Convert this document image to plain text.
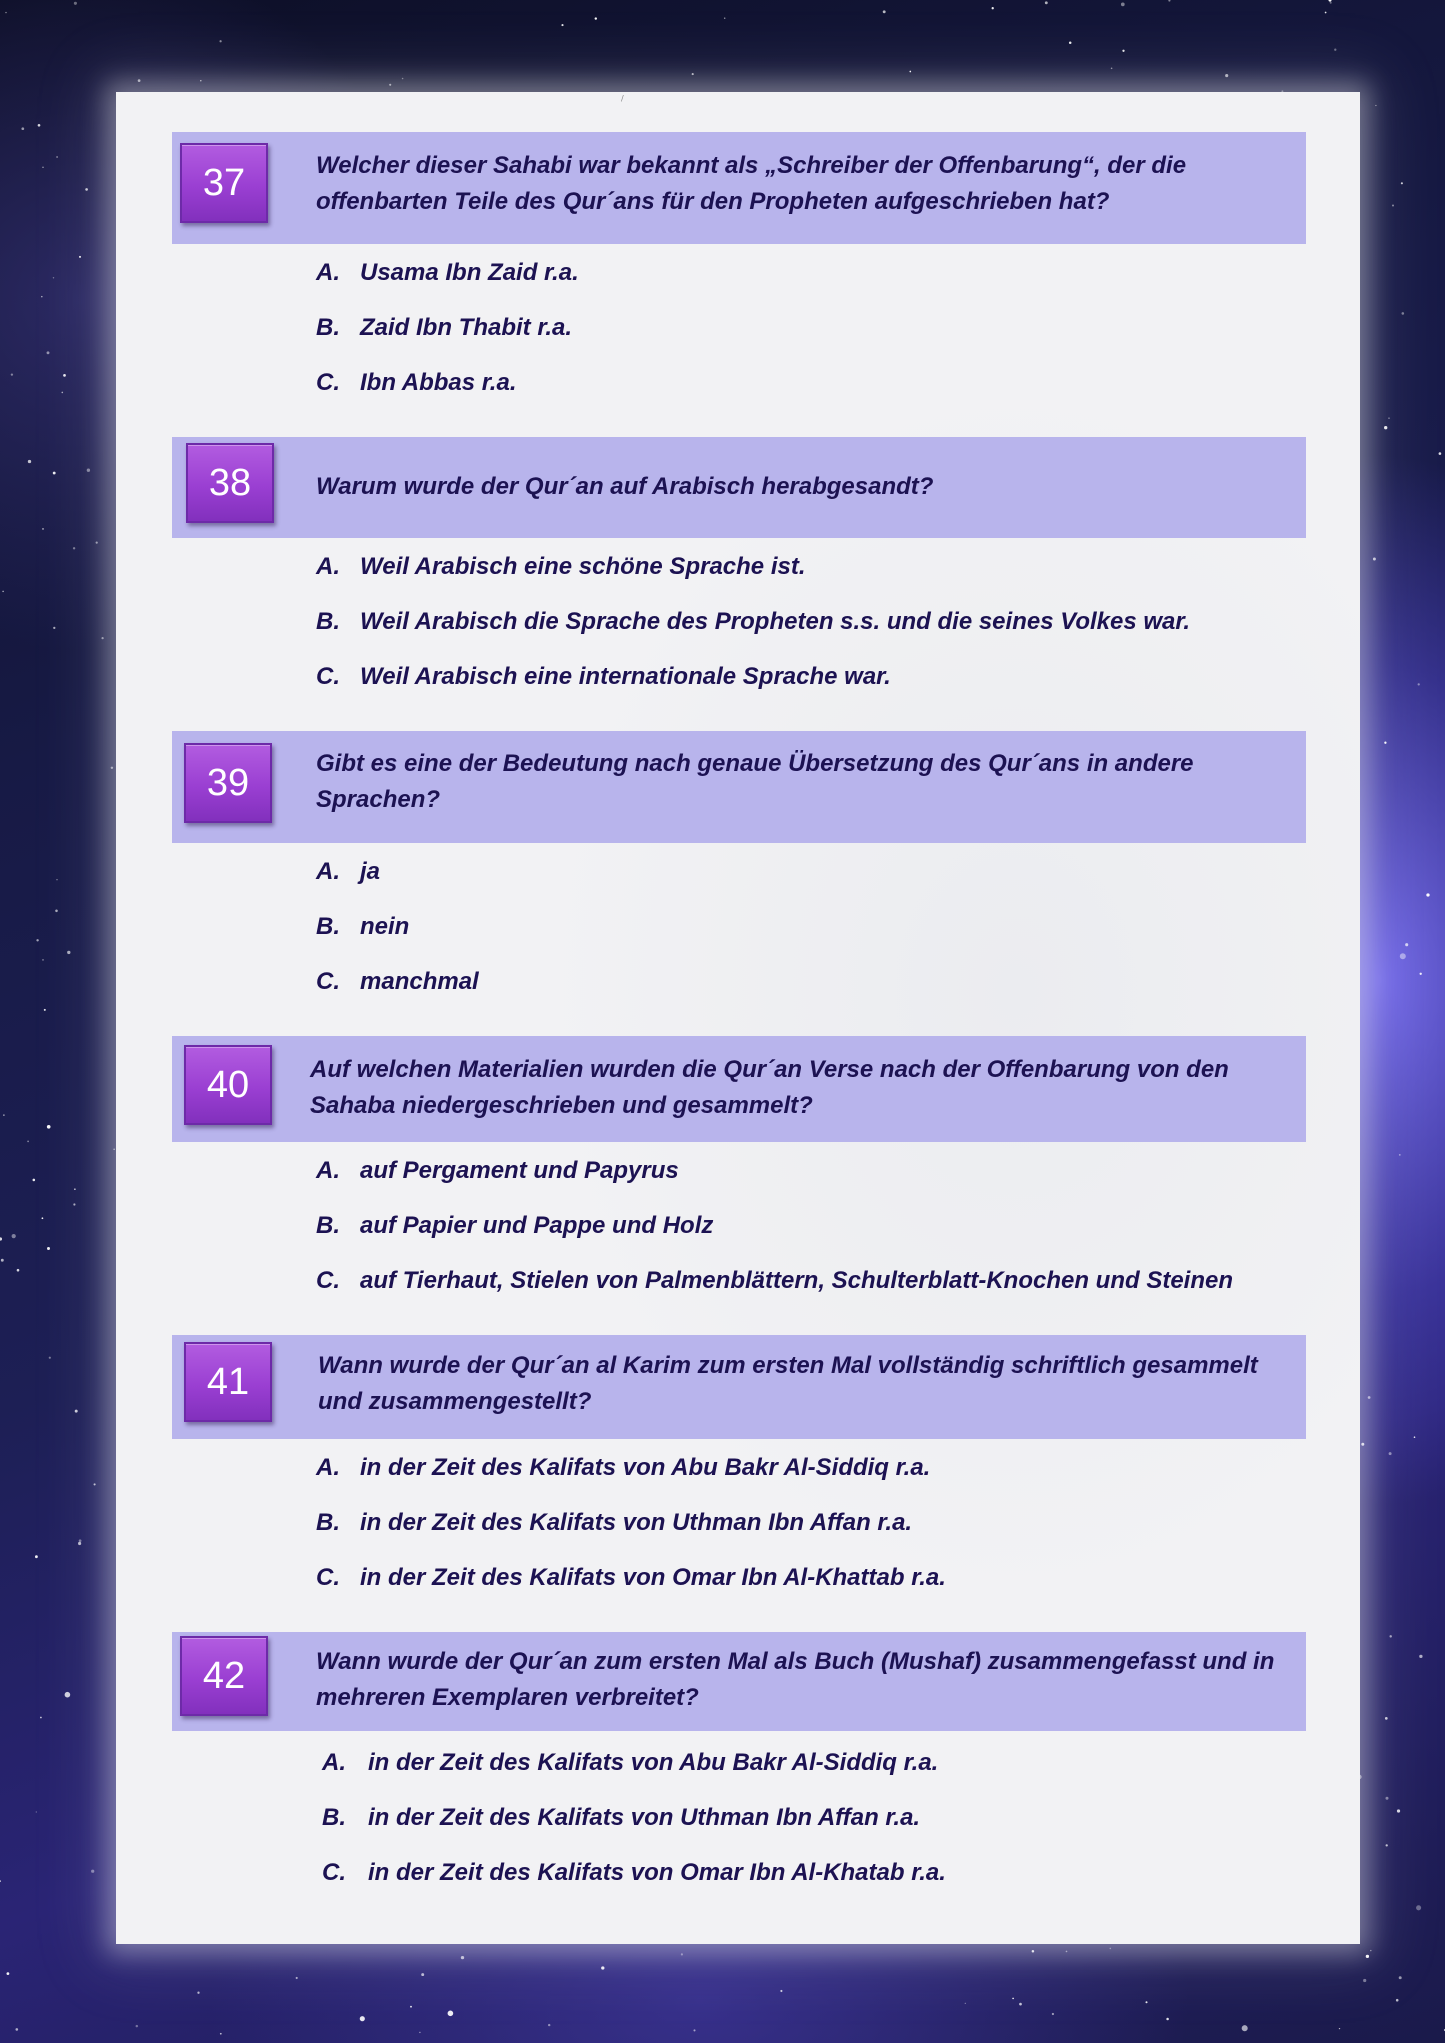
/
37	Welcher dieser Sahabi war bekannt als „Schreiber der Offenbarung“, der die offenbarten Teile des Qur´ans für den Propheten aufgeschrieben hat?
A. Usama Ibn Zaid r.a.
B. Zaid Ibn Thabit r.a.
C. Ibn Abbas r.a.
38	Warum wurde der Qur´an auf Arabisch herabgesandt?
A. Weil Arabisch eine schöne Sprache ist.
B. Weil Arabisch die Sprache des Propheten s.s. und die seines Volkes war.
C. Weil Arabisch eine internationale Sprache war.
39	Gibt es eine der Bedeutung nach genaue Übersetzung des Qur´ans in andere Sprachen?
A. ja
B. nein
C. manchmal
40	Auf welchen Materialien wurden die Qur´an Verse nach der Offenbarung von den Sahaba niedergeschrieben und gesammelt?
A. auf Pergament und Papyrus
B. auf Papier und Pappe und Holz
C. auf Tierhaut, Stielen von Palmenblättern, Schulterblatt-Knochen und Steinen
41	Wann wurde der Qur´an al Karim zum ersten Mal vollständig schriftlich gesammelt und zusammengestellt?
A. in der Zeit des Kalifats von Abu Bakr Al-Siddiq r.a.
B. in der Zeit des Kalifats von Uthman Ibn Affan r.a.
C. in der Zeit des Kalifats von Omar Ibn Al-Khattab r.a.
42	Wann wurde der Qur´an zum ersten Mal als Buch (Mushaf) zusammengefasst und in mehreren Exemplaren verbreitet?
A. in der Zeit des Kalifats von Abu Bakr Al-Siddiq r.a.
B. in der Zeit des Kalifats von Uthman Ibn Affan r.a.
C. in der Zeit des Kalifats von Omar Ibn Al-Khatab r.a.
